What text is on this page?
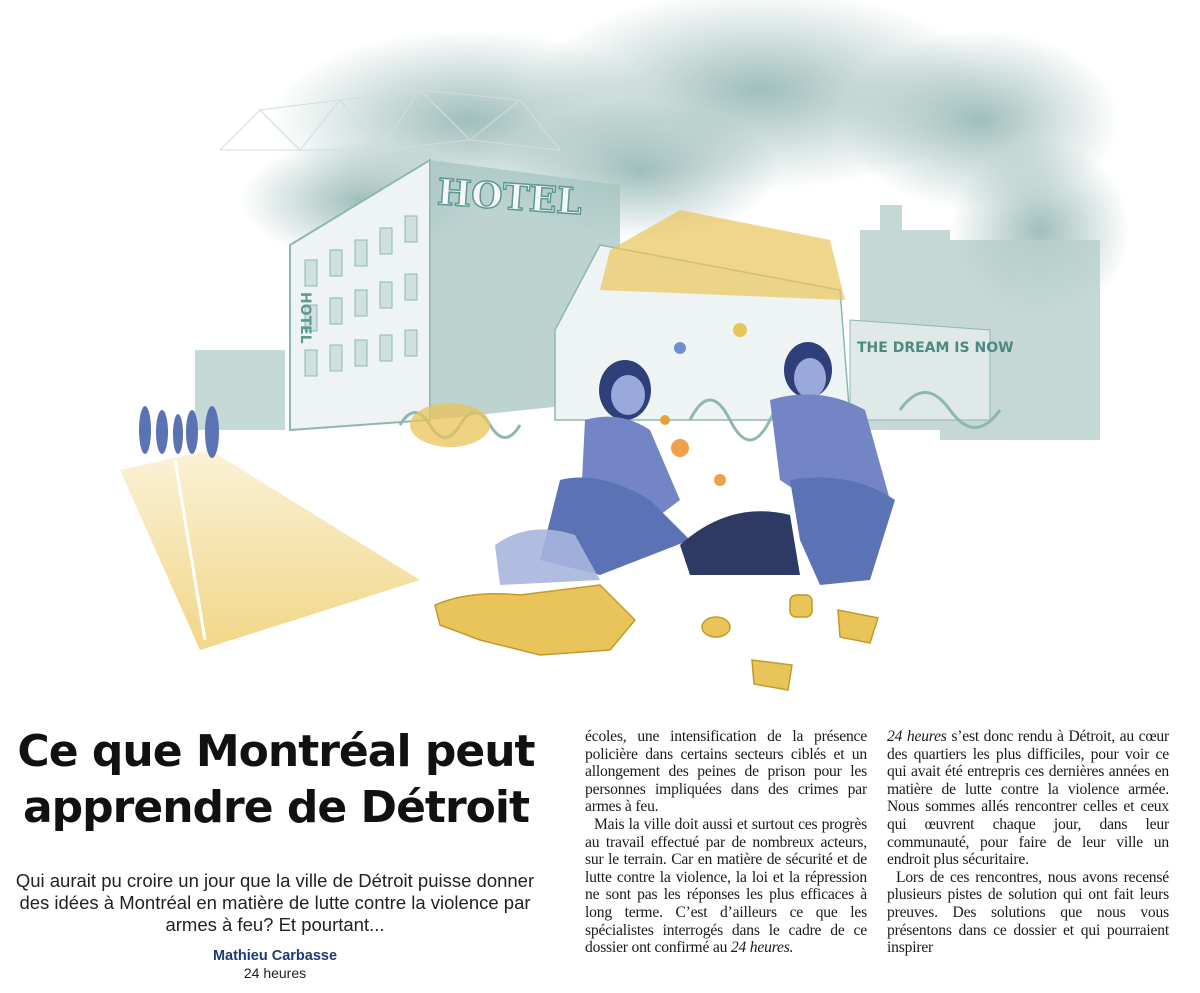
HOTEL
HOTEL
THE DREAM IS NOW
Ce que Montréal peut
apprendre de Détroit

Qui aurait pu croire un jour que la ville de Détroit puisse donner des idées à Montréal en matière de lutte contre la violence par armes à feu? Et pourtant...

Mathieu Carbasse
24 heures

écoles, une intensification de la présence policière dans certains secteurs ciblés et un allongement des peines de prison pour les personnes impliquées dans des crimes par armes à feu.

Mais la ville doit aussi et surtout ces progrès au travail effectué par de nombreux acteurs, sur le terrain. Car en matière de sécurité et de lutte contre la violence, la loi et la répression ne sont pas les réponses les plus efficaces à long terme. C’est d’ailleurs ce que les spécialistes interrogés dans le cadre de ce dossier ont confirmé au 24 heures.

24 heures s’est donc rendu à Détroit, au cœur des quartiers les plus difficiles, pour voir ce qui avait été entrepris ces dernières années en matière de lutte contre la violence armée. Nous sommes allés rencontrer celles et ceux qui œuvrent chaque jour, dans leur communauté, pour faire de leur ville un endroit plus sécuritaire.

Lors de ces rencontres, nous avons recensé plusieurs pistes de solution qui ont fait leurs preuves. Des solutions que nous vous présentons dans ce dossier et qui pourraient inspirer
